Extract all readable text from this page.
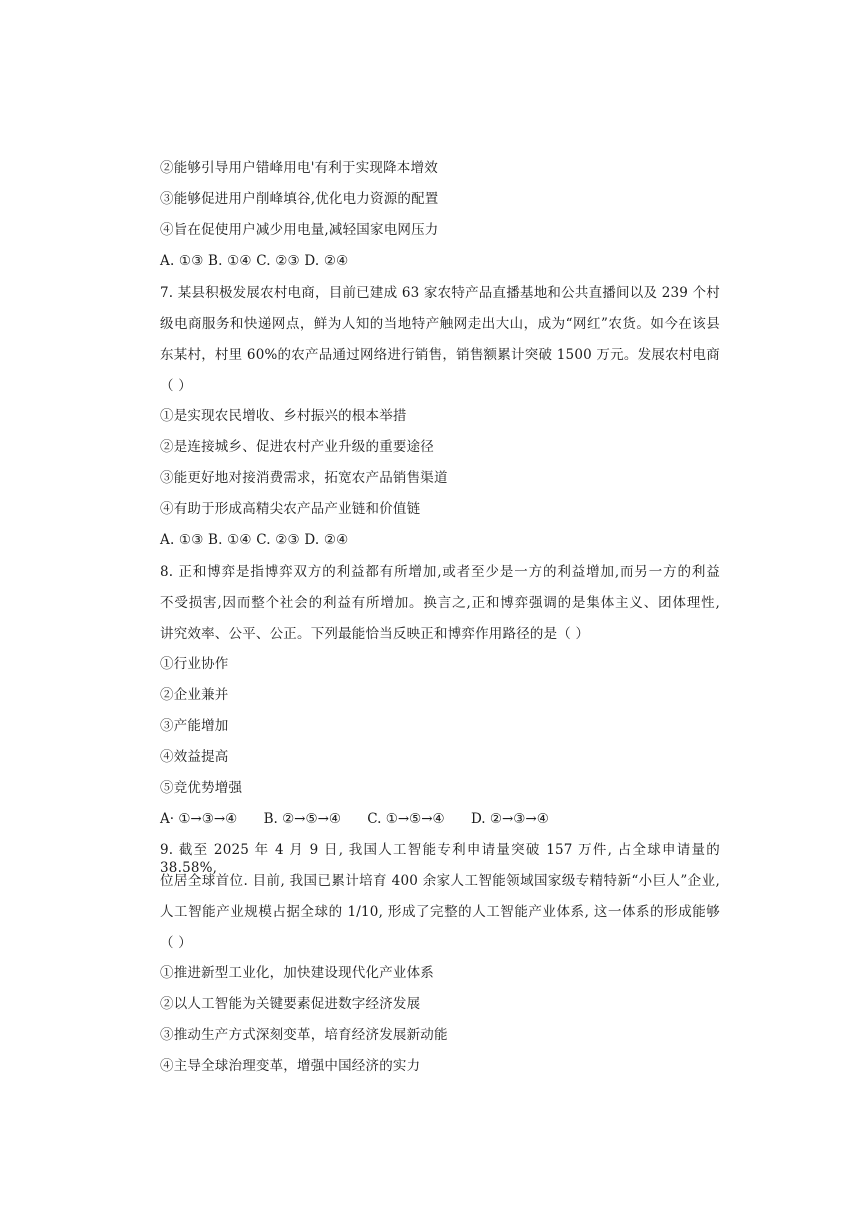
②能够引导用户错峰用电'有利于实现降本增效
③能够促进用户削峰填谷,优化电力资源的配置
④旨在促使用户减少用电量,减轻国家电网压力
A. ①③ B. ①④ C. ②③ D. ②④
7. 某县积极发展农村电商，目前已建成 63 家农特产品直播基地和公共直播间以及 239 个村
级电商服务和快递网点，鲜为人知的当地特产触网走出大山，成为“网红”农货。如今在该县
东某村，村里 60%的农产品通过网络进行销售，销售额累计突破 1500 万元。发展农村电商
（ ）
①是实现农民增收、乡村振兴的根本举措
②是连接城乡、促进农村产业升级的重要途径
③能更好地对接消费需求，拓宽农产品销售渠道
④有助于形成高精尖农产品产业链和价值链
A. ①③ B. ①④ C. ②③ D. ②④
8. 正和博弈是指博弈双方的利益都有所增加,或者至少是一方的利益增加,而另一方的利益
不受损害,因而整个社会的利益有所增加。换言之,正和博弈强调的是集体主义、团体理性,
讲究效率、公平、公正。下列最能恰当反映正和博弈作用路径的是（ ）
①行业协作
②企业兼并
③产能增加
④效益提高
⑤竞优势增强
A· ①→③→④ B. ②→⑤→④ C. ①→⑤→④ D. ②→③→④
9. 截至 2025 年 4 月 9 日, 我国人工智能专利申请量突破 157 万件, 占全球申请量的 38.58%,
位居全球首位. 目前, 我国已累计培育 400 余家人工智能领域国家级专精特新“小巨人”企业,
人工智能产业规模占据全球的 1/10, 形成了完整的人工智能产业体系, 这一体系的形成能够
（ ）
①推进新型工业化，加快建设现代化产业体系
②以人工智能为关键要素促进数字经济发展
③推动生产方式深刻变革，培育经济发展新动能
④主导全球治理变革，增强中国经济的实力
